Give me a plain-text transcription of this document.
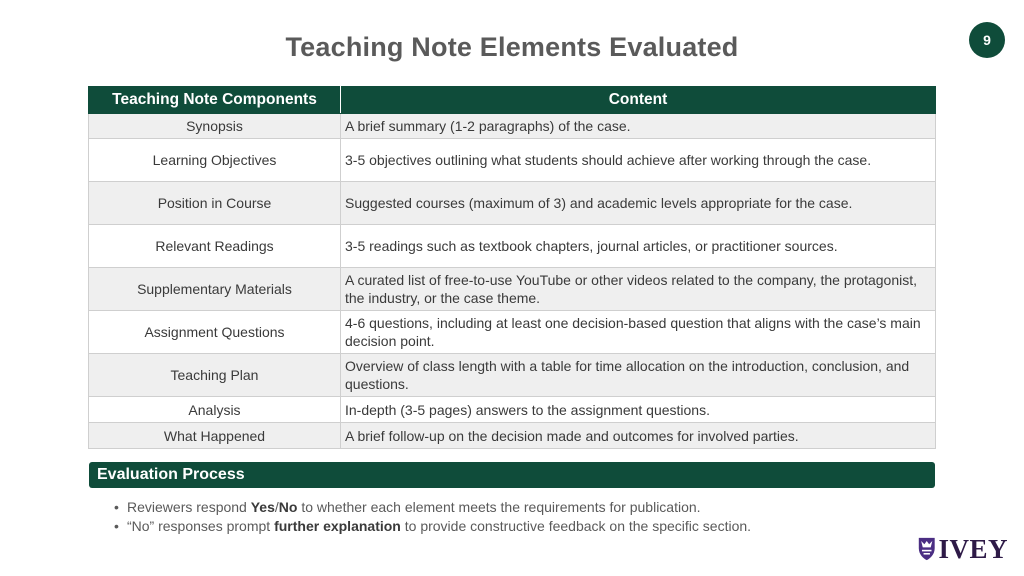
9
Teaching Note Elements Evaluated
Teaching Note Components	Content
Synopsis	A brief summary (1-2 paragraphs) of the case.
Learning Objectives	3-5 objectives outlining what students should achieve after working through the case.
Position in Course	Suggested courses (maximum of 3) and academic levels appropriate for the case.
Relevant Readings	3-5 readings such as textbook chapters, journal articles, or practitioner sources.
Supplementary Materials	A curated list of free-to-use YouTube or other videos related to the company, the protagonist, the industry, or the case theme.
Assignment Questions	4-6 questions, including at least one decision-based question that aligns with the case’s main decision point.
Teaching Plan	Overview of class length with a table for time allocation on the introduction, conclusion, and questions.
Analysis	In-depth (3-5 pages) answers to the assignment questions.
What Happened	A brief follow-up on the decision made and outcomes for involved parties.
Evaluation Process
• Reviewers respond Yes/No to whether each element meets the requirements for publication.
• “No” responses prompt further explanation to provide constructive feedback on the specific section.
IVEY
